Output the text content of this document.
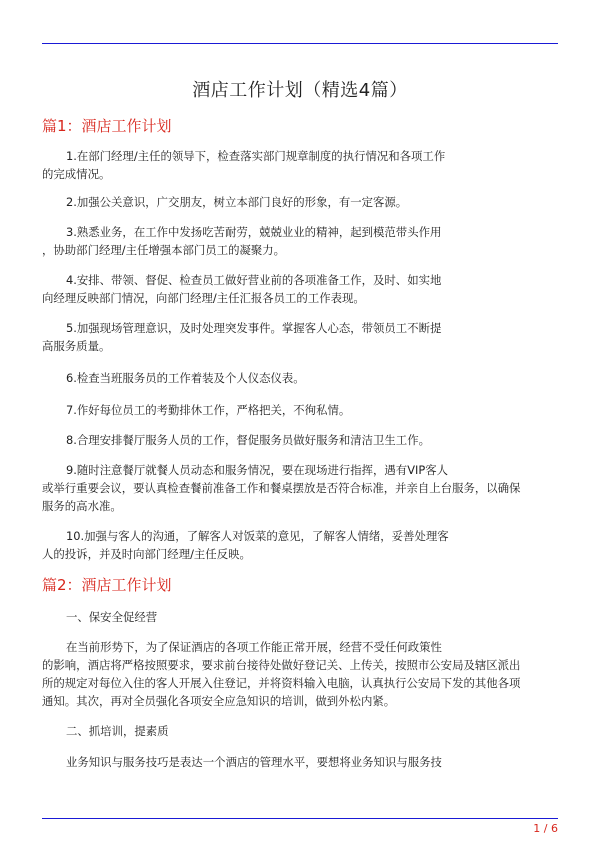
酒店工作计划（精选4篇）
篇1：酒店工作计划

1.在部门经理/主任的领导下，检查落实部门规章制度的执行情况和各项工作
的完成情况。

2.加强公关意识，广交朋友，树立本部门良好的形象，有一定客源。

3.熟悉业务，在工作中发扬吃苦耐劳，兢兢业业的精神，起到模范带头作用
，协助部门经理/主任增强本部门员工的凝聚力。

4.安排、带领、督促、检查员工做好营业前的各项准备工作，及时、如实地
向经理反映部门情况，向部门经理/主任汇报各员工的工作表现。

5.加强现场管理意识，及时处理突发事件。掌握客人心态，带领员工不断提
高服务质量。

6.检查当班服务员的工作着装及个人仪态仪表。

7.作好每位员工的考勤排休工作，严格把关，不徇私情。

8.合理安排餐厅服务人员的工作，督促服务员做好服务和清洁卫生工作。

9.随时注意餐厅就餐人员动态和服务情况，要在现场进行指挥，遇有VIP客人
或举行重要会议，要认真检查餐前准备工作和餐桌摆放是否符合标准，并亲自上台服务，以确保
服务的高水准。

10.加强与客人的沟通，了解客人对饭菜的意见，了解客人情绪，妥善处理客
人的投诉，并及时向部门经理/主任反映。

篇2：酒店工作计划

一、保安全促经营

在当前形势下，为了保证酒店的各项工作能正常开展，经营不受任何政策性
的影响，酒店将严格按照要求，要求前台接待处做好登记关、上传关，按照市公安局及辖区派出
所的规定对每位入住的客人开展入住登记，并将资料输入电脑，认真执行公安局下发的其他各项
通知。其次，再对全员强化各项安全应急知识的培训，做到外松内紧。

二、抓培训，提素质

业务知识与服务技巧是表达一个酒店的管理水平，要想将业务知识与服务技

1 / 6
